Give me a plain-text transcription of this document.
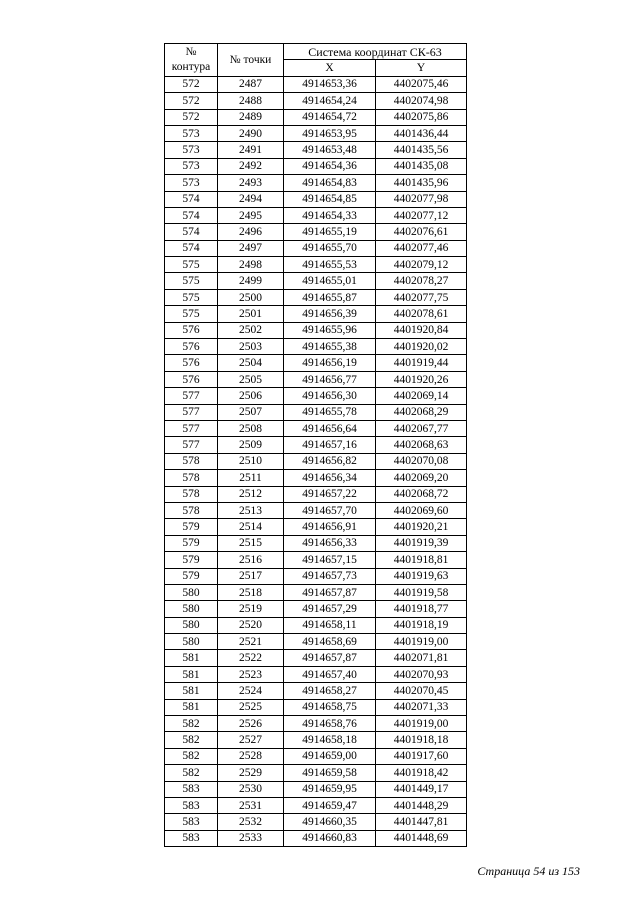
№ контура	№ точки	Система координат СК-63	
		X	Y
572	2487	4914653,36	4402075,46
572	2488	4914654,24	4402074,98
572	2489	4914654,72	4402075,86
573	2490	4914653,95	4401436,44
573	2491	4914653,48	4401435,56
573	2492	4914654,36	4401435,08
573	2493	4914654,83	4401435,96
574	2494	4914654,85	4402077,98
574	2495	4914654,33	4402077,12
574	2496	4914655,19	4402076,61
574	2497	4914655,70	4402077,46
575	2498	4914655,53	4402079,12
575	2499	4914655,01	4402078,27
575	2500	4914655,87	4402077,75
575	2501	4914656,39	4402078,61
576	2502	4914655,96	4401920,84
576	2503	4914655,38	4401920,02
576	2504	4914656,19	4401919,44
576	2505	4914656,77	4401920,26
577	2506	4914656,30	4402069,14
577	2507	4914655,78	4402068,29
577	2508	4914656,64	4402067,77
577	2509	4914657,16	4402068,63
578	2510	4914656,82	4402070,08
578	2511	4914656,34	4402069,20
578	2512	4914657,22	4402068,72
578	2513	4914657,70	4402069,60
579	2514	4914656,91	4401920,21
579	2515	4914656,33	4401919,39
579	2516	4914657,15	4401918,81
579	2517	4914657,73	4401919,63
580	2518	4914657,87	4401919,58
580	2519	4914657,29	4401918,77
580	2520	4914658,11	4401918,19
580	2521	4914658,69	4401919,00
581	2522	4914657,87	4402071,81
581	2523	4914657,40	4402070,93
581	2524	4914658,27	4402070,45
581	2525	4914658,75	4402071,33
582	2526	4914658,76	4401919,00
582	2527	4914658,18	4401918,18
582	2528	4914659,00	4401917,60
582	2529	4914659,58	4401918,42
583	2530	4914659,95	4401449,17
583	2531	4914659,47	4401448,29
583	2532	4914660,35	4401447,81
583	2533	4914660,83	4401448,69
Страница 54 из 153
